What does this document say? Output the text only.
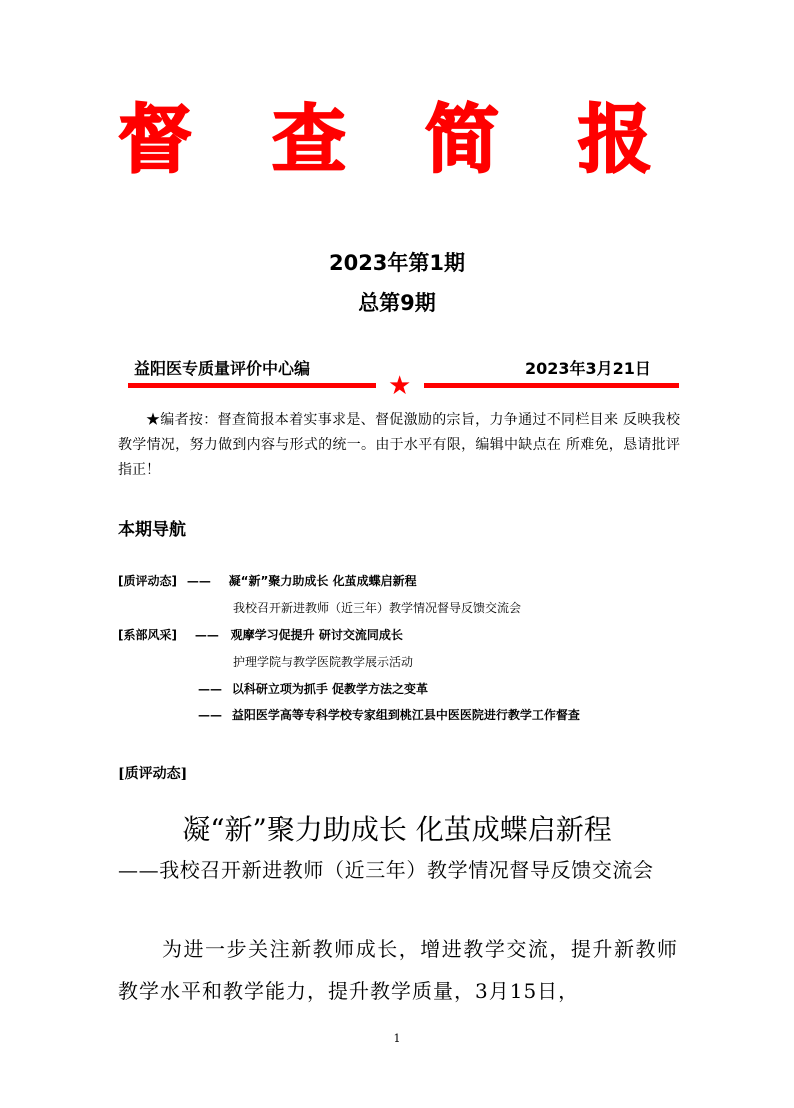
督 查 简 报
2023年第1期
总第9期
益阳医专质量评价中心编	2023年3月21日
★
★编者按：督查简报本着实事求是、督促激励的宗旨，力争通过不同栏目来 反映我校教学情况，努力做到内容与形式的统一。由于水平有限，编辑中缺点在 所难免，恳请批评指正！
本期导航
[质评动态] —— 凝“新”聚力助成长 化茧成蝶启新程
我校召开新进教师（近三年）教学情况督导反馈交流会
[系部风采] —— 观摩学习促提升 研讨交流同成长
护理学院与教学医院教学展示活动
—— 以科研立项为抓手 促教学方法之变革
—— 益阳医学高等专科学校专家组到桃江县中医医院进行教学工作督查
[质评动态]
凝“新”聚力助成长 化茧成蝶启新程
——我校召开新进教师（近三年）教学情况督导反馈交流会
为进一步关注新教师成长，增进教学交流，提升新教师教学水平和教学能力，提升教学质量，3月15日，
1
